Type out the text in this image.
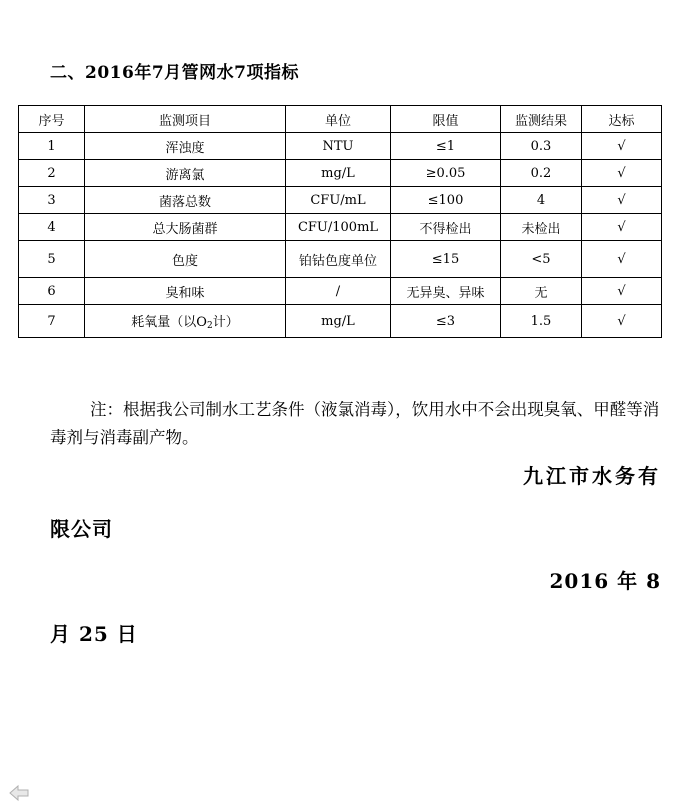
二、2016年7月管网水7项指标
序号	监测项目	单位	限值	监测结果	达标
1	浑浊度	NTU	≤1	0.3	√
2	游离氯	mg/L	≥0.05	0.2	√
3	菌落总数	CFU/mL	≤100	4	√
4	总大肠菌群	CFU/100mL	不得检出	未检出	√
5	色度	铂钴色度单位	≤15	<5	√
6	臭和味	/	无异臭、异味	无	√
7	耗氧量（以$O_2$计）	mg/L	≤3	1.5	√
注：根据我公司制水工艺条件（液氯消毒），饮用水中不会出现臭氧、甲醛等消毒剂与消毒副产物。
九江市水务有
限公司
2016 年 8
月 25 日
